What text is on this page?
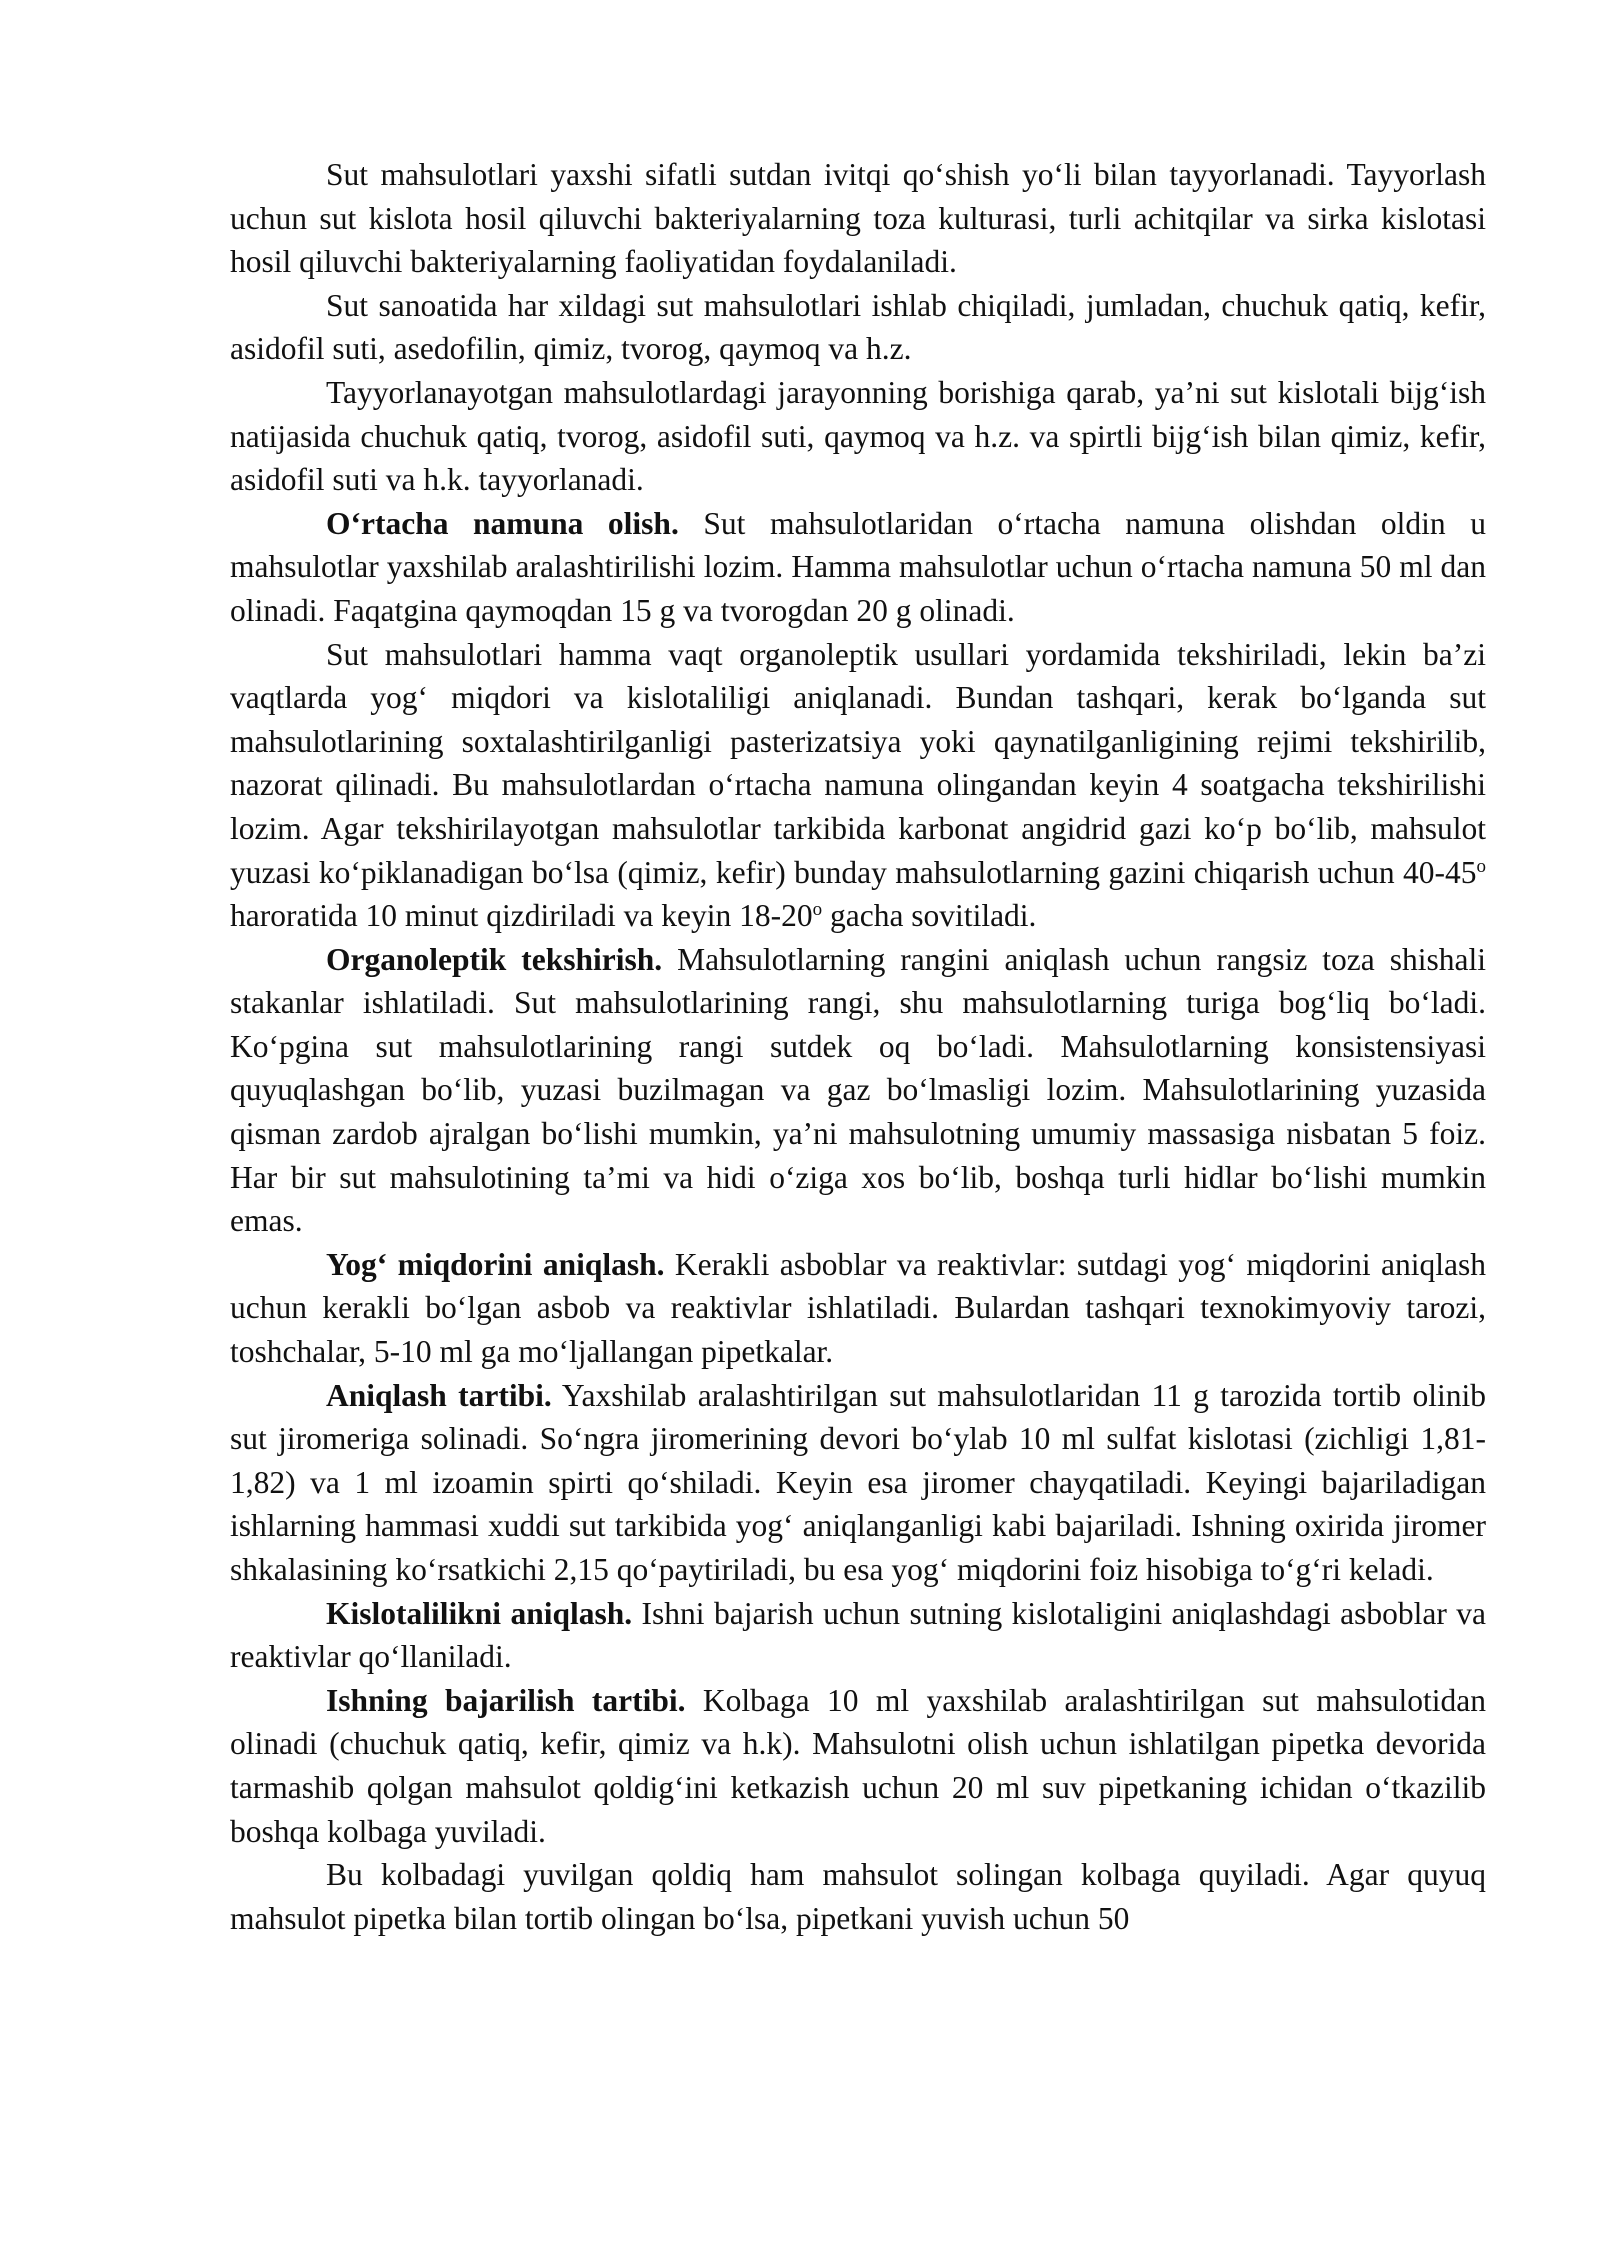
Sut mahsulotlari yaxshi sifatli sutdan ivitqi qo‘shish yo‘li bilan tayyorlanadi. Tayyorlash uchun sut kislota hosil qiluvchi bakteriyalarning toza kulturasi, turli achitqilar va sirka kislotasi hosil qiluvchi bakteriyalarning faoliyatidan foydalaniladi.

Sut sanoatida har xildagi sut mahsulotlari ishlab chiqiladi, jumladan, chuchuk qatiq, kefir, asidofil suti, asedofilin, qimiz, tvorog, qaymoq va h.z.

Tayyorlanayotgan mahsulotlardagi jarayonning borishiga qarab, ya’ni sut kislotali bijg‘ish natijasida chuchuk qatiq, tvorog, asidofil suti, qaymoq va h.z. va spirtli bijg‘ish bilan qimiz, kefir, asidofil suti va h.k. tayyorlanadi.

O‘rtacha namuna olish. Sut mahsulotlaridan o‘rtacha namuna olishdan oldin u mahsulotlar yaxshilab aralashtirilishi lozim. Hamma mahsulotlar uchun o‘rtacha namuna 50 ml dan olinadi. Faqatgina qaymoqdan 15 g va tvorogdan 20 g olinadi.

Sut mahsulotlari hamma vaqt organoleptik usullari yordamida tekshiriladi, lekin ba’zi vaqtlarda yog‘ miqdori va kislotaliligi aniqlanadi. Bundan tashqari, kerak bo‘lganda sut mahsulotlarining soxtalashtirilganligi pasterizatsiya yoki qaynatilganligining rejimi tekshirilib, nazorat qilinadi. Bu mahsulotlardan o‘rtacha namuna olingandan keyin 4 soatgacha tekshirilishi lozim. Agar tekshirilayotgan mahsulotlar tarkibida karbonat angidrid gazi ko‘p bo‘lib, mahsulot yuzasi ko‘piklanadigan bo‘lsa (qimiz, kefir) bunday mahsulotlarning gazini chiqarish uchun 40-45$^o$ haroratida 10 minut qizdiriladi va keyin 18-20$^o$ gacha sovitiladi.

Organoleptik tekshirish. Mahsulotlarning rangini aniqlash uchun rangsiz toza shishali stakanlar ishlatiladi. Sut mahsulotlarining rangi, shu mahsulotlarning turiga bog‘liq bo‘ladi. Ko‘pgina sut mahsulotlarining rangi sutdek oq bo‘ladi. Mahsulotlarning konsistensiyasi quyuqlashgan bo‘lib, yuzasi buzilmagan va gaz bo‘lmasligi lozim. Mahsulotlarining yuzasida qisman zardob ajralgan bo‘lishi mumkin, ya’ni mahsulotning umumiy massasiga nisbatan 5 foiz. Har bir sut mahsulotining ta’mi va hidi o‘ziga xos bo‘lib, boshqa turli hidlar bo‘lishi mumkin emas.

Yog‘ miqdorini aniqlash. Kerakli asboblar va reaktivlar: sutdagi yog‘ miqdorini aniqlash uchun kerakli bo‘lgan asbob va reaktivlar ishlatiladi. Bulardan tashqari texnokimyoviy tarozi, toshchalar, 5-10 ml ga mo‘ljallangan pipetkalar.

Aniqlash tartibi. Yaxshilab aralashtirilgan sut mahsulotlaridan 11 g tarozida tortib olinib sut jiromeriga solinadi. So‘ngra jiromerining devori bo‘ylab 10 ml sulfat kislotasi (zichligi 1,81-1,82) va 1 ml izoamin spirti qo‘shiladi. Keyin esa jiromer chayqatiladi. Keyingi bajariladigan ishlarning hammasi xuddi sut tarkibida yog‘ aniqlanganligi kabi bajariladi. Ishning oxirida jiromer shkalasining ko‘rsatkichi 2,15 qo‘paytiriladi, bu esa yog‘ miqdorini foiz hisobiga to‘g‘ri keladi.

Kislotalilikni aniqlash. Ishni bajarish uchun sutning kislotaligini aniqlashdagi asboblar va reaktivlar qo‘llaniladi.

Ishning bajarilish tartibi. Kolbaga 10 ml yaxshilab aralashtirilgan sut mahsulotidan olinadi (chuchuk qatiq, kefir, qimiz va h.k). Mahsulotni olish uchun ishlatilgan pipetka devorida tarmashib qolgan mahsulot qoldig‘ini ketkazish uchun 20 ml suv pipetkaning ichidan o‘tkazilib boshqa kolbaga yuviladi.

Bu kolbadagi yuvilgan qoldiq ham mahsulot solingan kolbaga quyiladi. Agar quyuq mahsulot pipetka bilan tortib olingan bo‘lsa, pipetkani yuvish uchun 50
